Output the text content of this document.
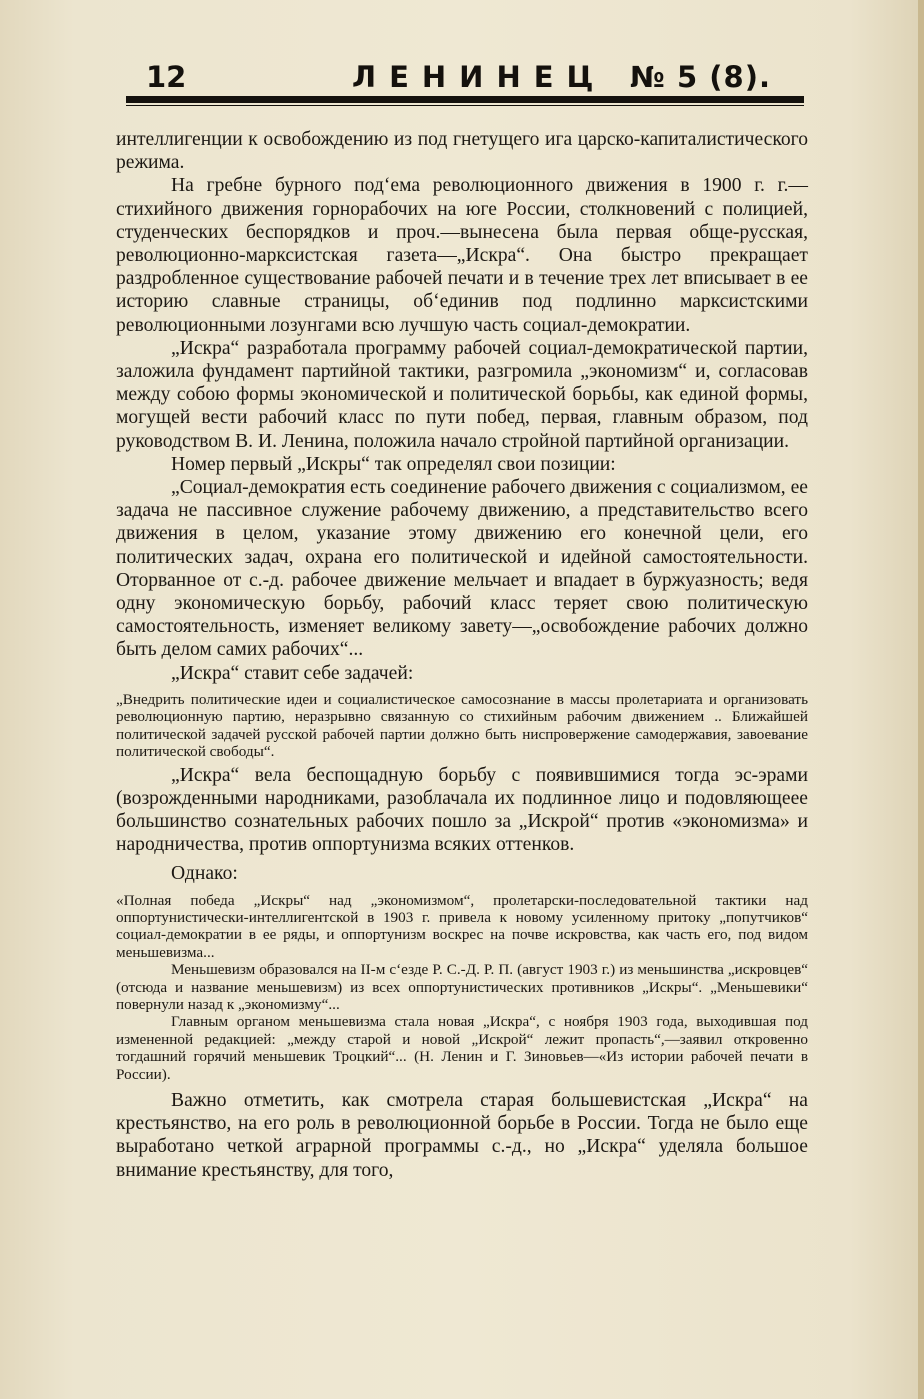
12	ЛЕНИНЕЦ № 5 (8).

интеллигенции к освобождению из под гнетущего ига царско-капиталистического режима.

На гребне бурного под‘ема революционного движения в 1900 г. г.—стихийного движения горнорабочих на юге России, столкновений с полицией, студенческих беспорядков и проч.—вынесена была первая обще-русская, революционно-марксистская газета—„Искра“. Она быстро прекращает раздробленное существование рабочей печати и в течение трех лет вписывает в ее историю славные страницы, об‘единив под подлинно марксистскими революционными лозунгами всю лучшую часть социал-демократии.

„Искра“ разработала программу рабочей социал-демократической партии, заложила фундамент партийной тактики, разгромила „экономизм“ и, согласовав между собою формы экономической и политической борьбы, как единой формы, могущей вести рабочий класс по пути побед, первая, главным образом, под руководством В. И. Ленина, положила начало стройной партийной организации.

Номер первый „Искры“ так определял свои позиции:

„Социал-демократия есть соединение рабочего движения с социализмом, ее задача не пассивное служение рабочему движению, а представительство всего движения в целом, указание этому движению его конечной цели, его политических задач, охрана его политической и идейной самостоятельности. Оторванное от с.-д. рабочее движение мельчает и впадает в буржуазность; ведя одну экономическую борьбу, рабочий класс теряет свою политическую самостоятельность, изменяет великому завету—„освобождение рабочих должно быть делом самих рабочих“...

„Искра“ ставит себе задачей:

„Внедрить политические идеи и социалистическое самосознание в массы пролетариата и организовать революционную партию, неразрывно связанную со стихийным рабочим движением .. Ближайшей политической задачей русской рабочей партии должно быть ниспровержение самодержавия, завоевание политической свободы“.

„Искра“ вела беспощадную борьбу с появившимися тогда эс-эрами (возрожденными народниками, разоблачала их подлинное лицо и подовляющеее большинство сознательных рабочих пошло за „Искрой“ против «экономизма» и народничества, против оппортунизма всяких оттенков.

Однако:

«Полная победа „Искры“ над „экономизмом“, пролетарски-последовательной тактики над оппортунистически-интеллигентской в 1903 г. привела к новому усиленному притоку „попутчиков“ социал-демократии в ее ряды, и оппортунизм воскрес на почве искровства, как часть его, под видом меньшевизма...

Меньшевизм образовался на II-м с‘езде Р. С.-Д. Р. П. (август 1903 г.) из меньшинства „искровцев“ (отсюда и название меньшевизм) из всех оппортунистических противников „Искры“. „Меньшевики“ повернули назад к „экономизму“...

Главным органом меньшевизма стала новая „Искра“, с ноября 1903 года, выходившая под измененной редакцией: „между старой и новой „Искрой“ лежит пропасть“,—заявил откровенно тогдашний горячий меньшевик Троцкий“... (Н. Ленин и Г. Зиновьев—«Из истории рабочей печати в России).

Важно отметить, как смотрела старая большевистская „Искра“ на крестьянство, на его роль в революционной борьбе в России. Тогда не было еще выработано четкой аграрной программы с.-д., но „Искра“ уделяла большое внимание крестьянству, для того,
